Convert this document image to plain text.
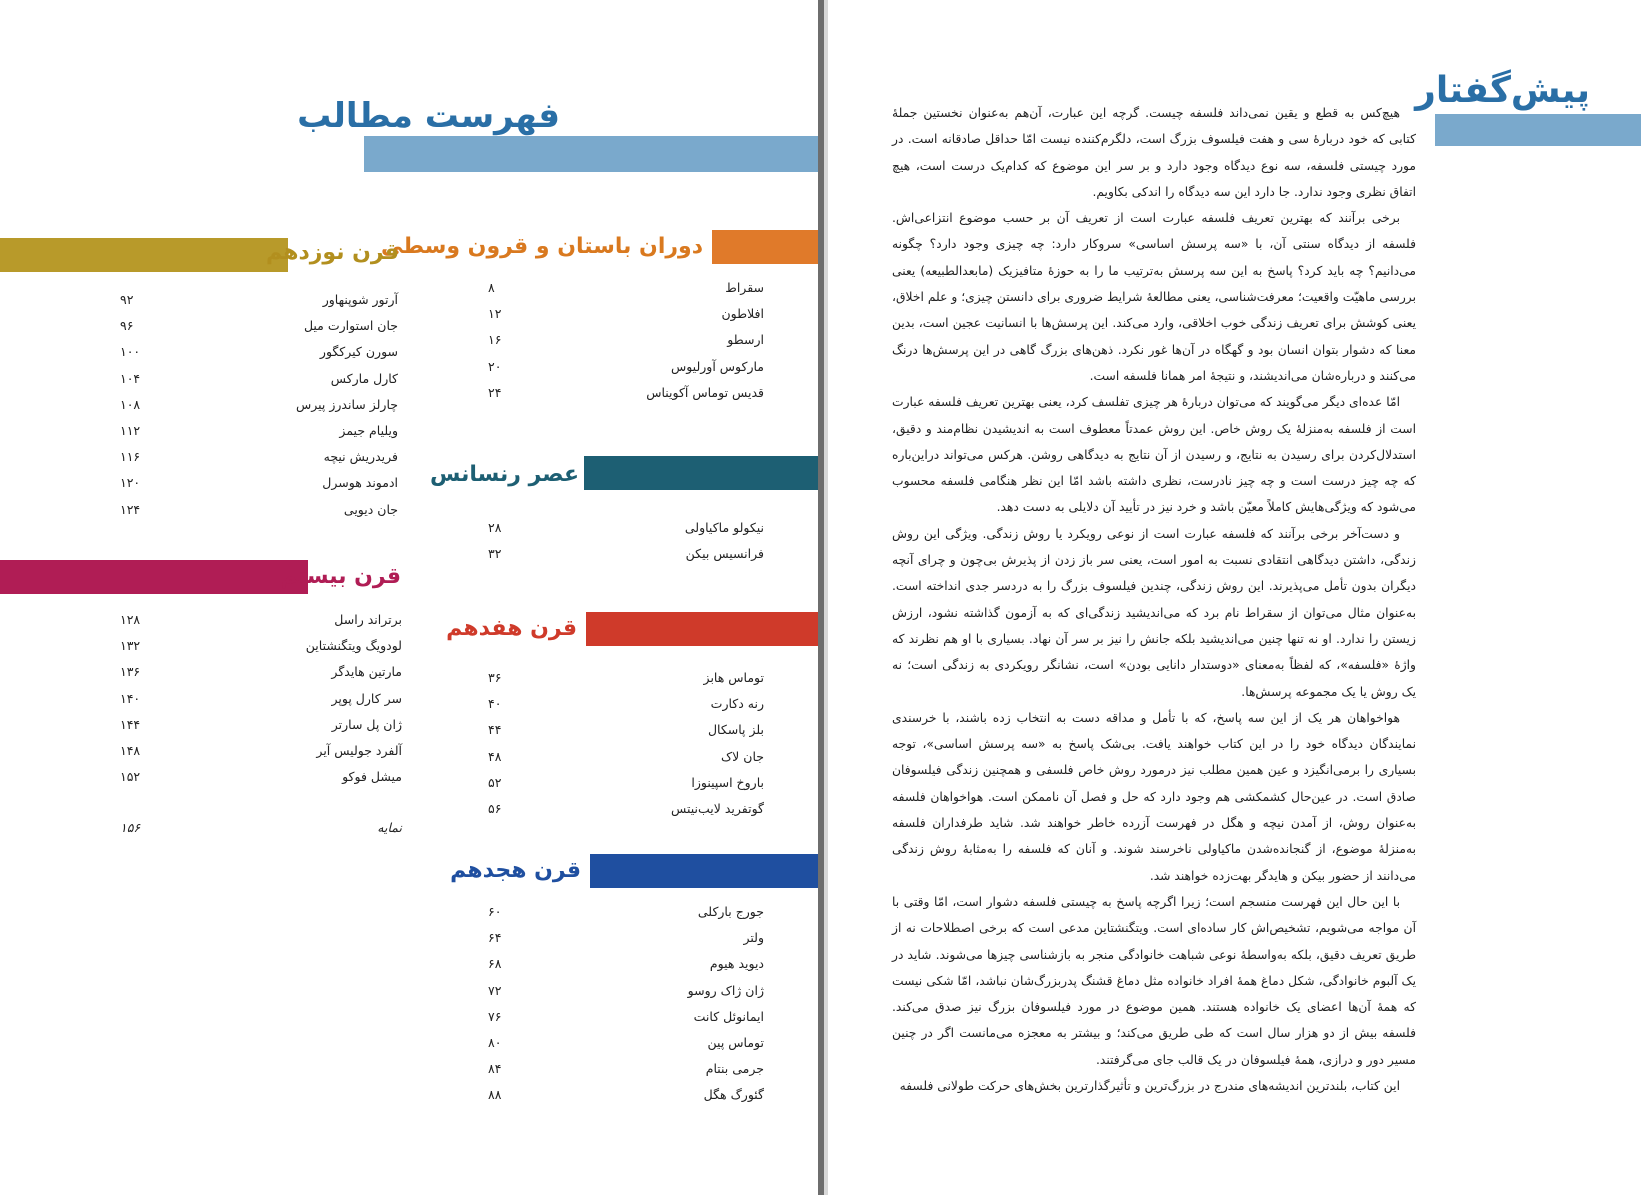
فهرست مطالب
دوران باستان و قرون وسطی
سقراط
۸
افلاطون
۱۲
ارسطو
۱۶
مارکوس آورلیوس
۲۰
قدیس توماس آکویناس
۲۴
عصر رنسانس
نیکولو ماکیاولی
۲۸
فرانسیس بیکن
۳۲
قرن هفدهم
توماس هابز
۳۶
رنه دکارت
۴۰
بلز پاسکال
۴۴
جان لاک
۴۸
باروخ اسپینوزا
۵۲
گوتفرید لایب‌نیتس
۵۶
قرن هجدهم
جورج بارکلی
۶۰
ولتر
۶۴
دیوید هیوم
۶۸
ژان ژاک روسو
۷۲
ایمانوئل کانت
۷۶
توماس پین
۸۰
جرمی بنتام
۸۴
گئورگ هگل
۸۸
قرن نوزدهم
آرتور شوپنهاور
۹۲
جان استوارت میل
۹۶
سورن کیرکگور
۱۰۰
کارل مارکس
۱۰۴
چارلز ساندرز پیرس
۱۰۸
ویلیام جیمز
۱۱۲
فریدریش نیچه
۱۱۶
ادموند هوسرل
۱۲۰
جان دیویی
۱۲۴
قرن بیستم
برتراند راسل
۱۲۸
لودویگ ویتگنشتاین
۱۳۲
مارتین هایدگر
۱۳۶
سر کارل پوپر
۱۴۰
ژان پل سارتر
۱۴۴
آلفرد جولیس آیر
۱۴۸
میشل فوکو
۱۵۲
نمایه
۱۵۶
پیش‌گفتار

هیچ‌کس به قطع و یقین نمی‌داند فلسفه چیست. گرچه این عبارت، آن‌هم به‌عنوان نخستین جملهٔ کتابی که خود دربارهٔ سی و هفت فیلسوف بزرگ است، دلگرم‌کننده نیست امّا حداقل صادقانه است. در مورد چیستی فلسفه، سه نوع دیدگاه وجود دارد و بر سر این موضوع که کدام‌یک درست است، هیچ اتفاق نظری وجود ندارد. جا دارد این سه دیدگاه را اندکی بکاویم.

برخی برآنند که بهترین تعریف فلسفه عبارت است از تعریف آن بر حسب موضوع انتزاعی‌اش. فلسفه از دیدگاه سنتی آن، با «سه پرسش اساسی» سروکار دارد: چه چیزی وجود دارد؟ چگونه می‌دانیم؟ چه باید کرد؟ پاسخ به این سه پرسش به‌ترتیب ما را به حوزهٔ متافیزیک (مابعدالطبیعه) یعنی بررسی ماهیّت واقعیت؛ معرفت‌شناسی، یعنی مطالعهٔ شرایط ضروری برای دانستن چیزی؛ و علم اخلاق، یعنی کوشش برای تعریف زندگی خوب اخلاقی، وارد می‌کند. این پرسش‌ها با انسانیت عجین است، بدین معنا که دشوار بتوان انسان بود و گهگاه در آن‌ها غور نکرد. ذهن‌های بزرگ گاهی در این پرسش‌ها درنگ می‌کنند و درباره‌شان می‌اندیشند، و نتیجهٔ امر همانا فلسفه است.

امّا عده‌ای دیگر می‌گویند که می‌توان دربارهٔ هر چیزی تفلسف کرد، یعنی بهترین تعریف فلسفه عبارت است از فلسفه به‌منزلهٔ یک روش خاص. این روش عمدتاً معطوف است به اندیشیدن نظام‌مند و دقیق، استدلال‌کردن برای رسیدن به نتایج، و رسیدن از آن نتایج به دیدگاهی روشن. هرکس می‌تواند دراین‌باره که چه چیز درست است و چه چیز نادرست، نظری داشته باشد امّا این نظر هنگامی فلسفه محسوب می‌شود که ویژگی‌هایش کاملاً معیّن باشد و خرد نیز در تأیید آن دلایلی به دست دهد.

و دست‌آخر برخی برآنند که فلسفه عبارت است از نوعی رویکرد یا روش زندگی. ویژگی این روش زندگی، داشتن دیدگاهی انتقادی نسبت به امور است، یعنی سر باز زدن از پذیرش بی‌چون و چرای آنچه دیگران بدون تأمل می‌پذیرند. این روش زندگی، چندین فیلسوف بزرگ را به دردسر جدی انداخته است. به‌عنوان مثال می‌توان از سقراط نام برد که می‌اندیشید زندگی‌ای که به آزمون گذاشته نشود، ارزش زیستن را ندارد. او نه تنها چنین می‌اندیشید بلکه جانش را نیز بر سر آن نهاد. بسیاری با او هم نظرند که واژهٔ «فلسفه»، که لفظاً به‌معنای «دوستدار دانایی بودن» است، نشانگر رویکردی به زندگی است؛ نه یک روش یا یک مجموعه پرسش‌ها.

هواخواهان هر یک از این سه پاسخ، که با تأمل و مداقه دست به انتخاب زده باشند، با خرسندی نمایندگان دیدگاه خود را در این کتاب خواهند یافت. بی‌شک پاسخ به «سه پرسش اساسی»، توجه بسیاری را برمی‌انگیزد و عین همین مطلب نیز درمورد روش خاص فلسفی و همچنین زندگی فیلسوفان صادق است. در عین‌حال کشمکشی هم وجود دارد که حل و فصل آن ناممکن است. هواخواهان فلسفه به‌عنوان روش، از آمدن نیچه و هگل در فهرست آزرده خاطر خواهند شد. شاید طرفداران فلسفه به‌منزلهٔ موضوع، از گنجانده‌شدن ماکیاولی ناخرسند شوند. و آنان که فلسفه را به‌مثابهٔ روش زندگی می‌دانند از حضور بیکن و هایدگر بهت‌زده خواهند شد.

با این حال این فهرست منسجم است؛ زیرا اگرچه پاسخ به چیستی فلسفه دشوار است، امّا وقتی با آن مواجه می‌شویم، تشخیص‌اش کار ساده‌ای است. ویتگنشتاین مدعی است که برخی اصطلاحات نه از طریق تعریف دقیق، بلکه به‌واسطهٔ نوعی شباهت خانوادگی منجر به بازشناسی چیزها می‌شوند. شاید در یک آلبوم خانوادگی، شکل دماغ همهٔ افراد خانواده مثل دماغ قشنگ پدربزرگ‌شان نباشد، امّا شکی نیست که همهٔ آن‌ها اعضای یک خانواده هستند. همین موضوع در مورد فیلسوفان بزرگ نیز صدق می‌کند. فلسفه بیش از دو هزار سال است که طی طریق می‌کند؛ و بیشتر به معجزه می‌مانست اگر در چنین مسیر دور و درازی، همهٔ فیلسوفان در یک قالب جای می‌گرفتند.

این کتاب، بلندترین اندیشه‌های مندرج در بزرگ‌ترین و تأثیرگذارترین بخش‌های حرکت طولانی فلسفه
